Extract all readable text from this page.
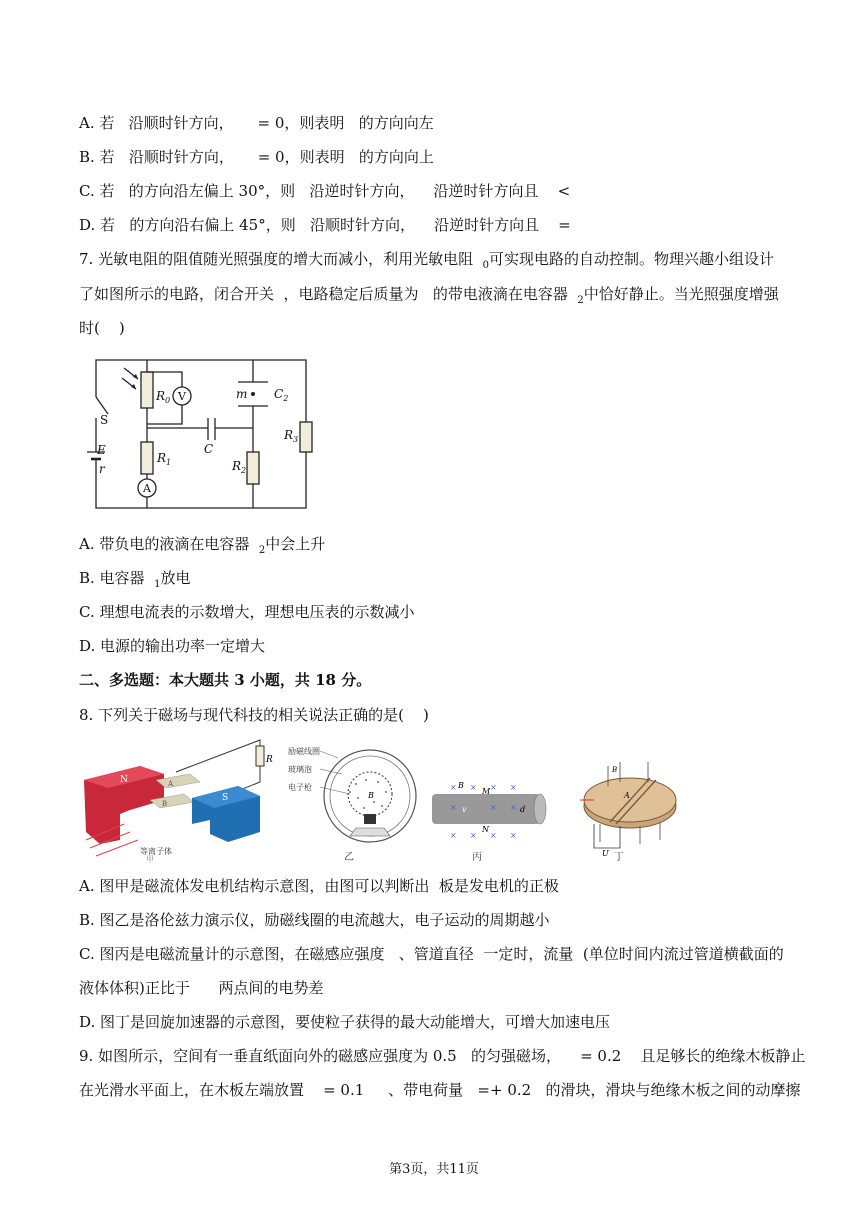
A. 若   沿顺时针方向，     = 0，则表明   的方向向左
B. 若   沿顺时针方向，     = 0，则表明   的方向向上
C. 若   的方向沿左偏上 30°，则   沿逆时针方向，    沿逆时针方向且    <
D. 若   的方向沿右偏上 45°，则   沿顺时针方向，    沿逆时针方向且    =
7. 光敏电阻的阻值随光照强度的增大而减小，利用光敏电阻  $_0$可实现电路的自动控制。物理兴趣小组设计
了如图所示的电路，闭合开关  ，电路稳定后质量为   的带电液滴在电容器  $_2$中恰好静止。当光照强度增强
时(    )
$R_0$ V
A
m $C_2$
S
E
r
$R_1$
C
$R_2$
$R_3$
A. 带负电的液滴在电容器  $_2$中会上升
B. 电容器  $_1$放电
C. 理想电流表的示数增大，理想电压表的示数减小
D. 电源的输出功率一定增大
二、多选题：本大题共 3 小题，共 18 分。
8. 下列关于磁场与现代科技的相关说法正确的是(    )
N
S
A
B
R
等离子体
甲
B
励磁线圈
玻璃泡
电子枪
乙
× × × ×
×	× ×
× × × ×
B
M
N
v	d
丙
B
A
U 丁
A. 图甲是磁流体发电机结构示意图，由图可以判断出  板是发电机的正极
B. 图乙是洛伦兹力演示仪，励磁线圈的电流越大，电子运动的周期越小
C. 图丙是电磁流量计的示意图，在磁感应强度   、管道直径  一定时，流量  (单位时间内流过管道横截面的
液体体积)正比于      两点间的电势差
D. 图丁是回旋加速器的示意图，要使粒子获得的最大动能增大，可增大加速电压
9. 如图所示，空间有一垂直纸面向外的磁感应强度为 0.5   的匀强磁场，    = 0.2    且足够长的绝缘木板静止
在光滑水平面上，在木板左端放置    = 0.1     、带电荷量   =+ 0.2   的滑块，滑块与绝缘木板之间的动摩擦
第3页，共11页
